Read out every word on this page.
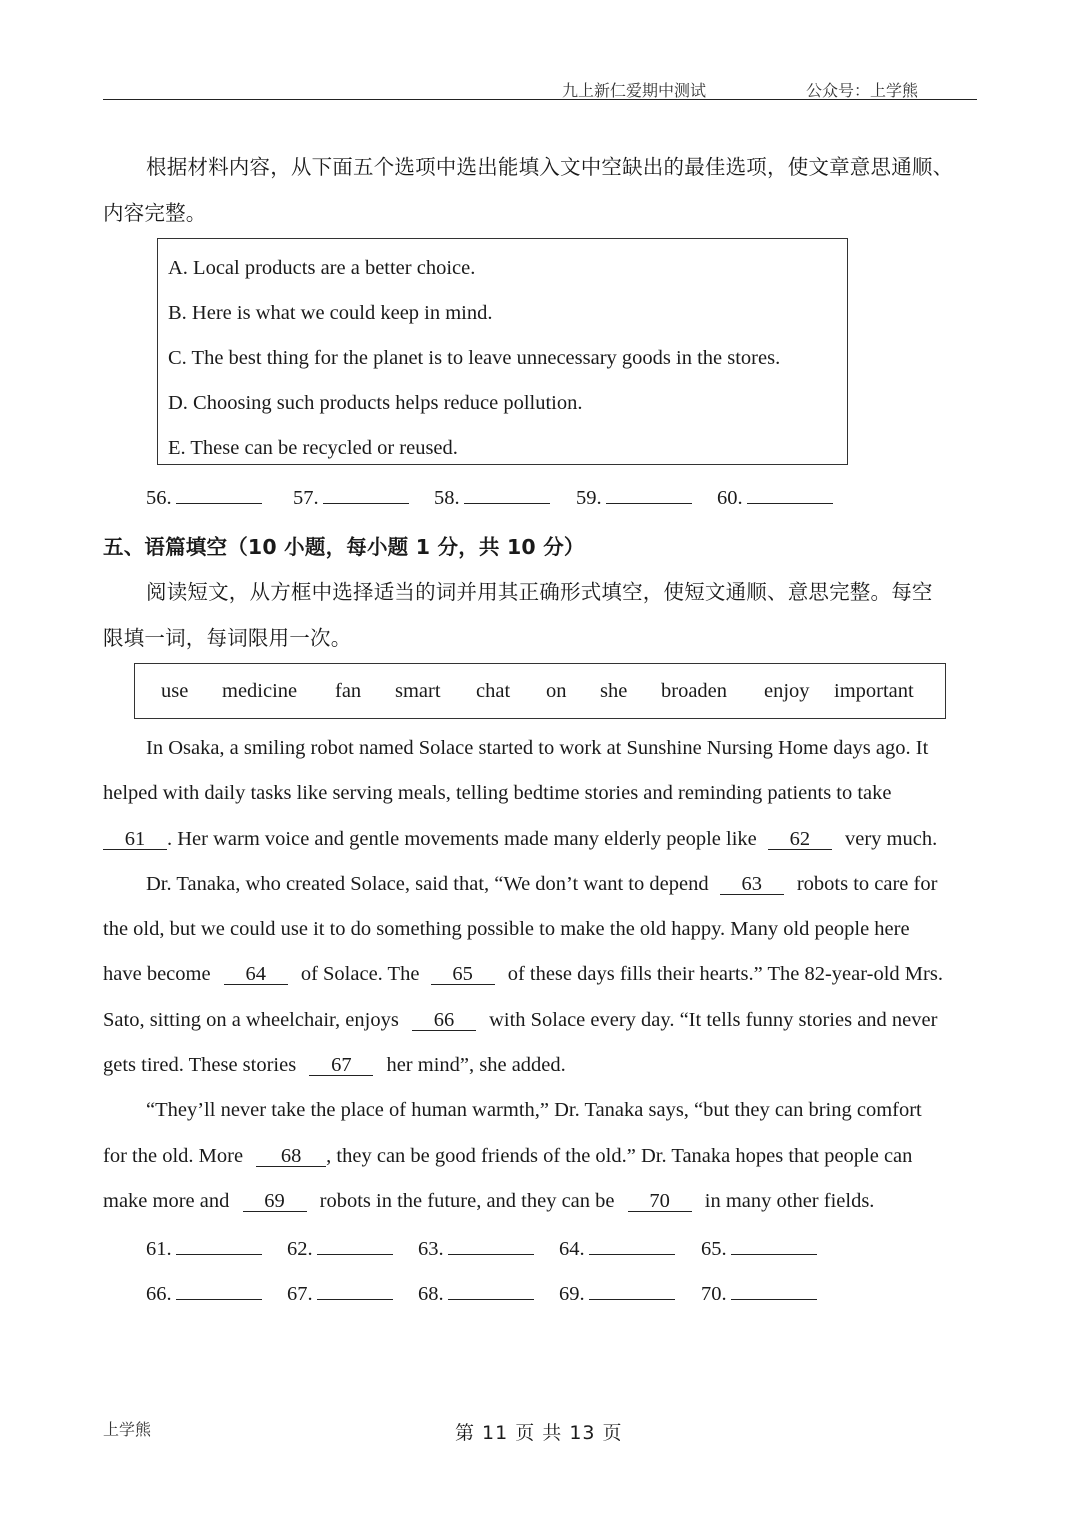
九上新仁爱期中测试	公众号：上学熊
根据材料内容，从下面五个选项中选出能填入文中空缺出的最佳选项，使文章意思通顺、
内容完整。
A. Local products are a better choice.
B. Here is what we could keep in mind.
C. The best thing for the planet is to leave unnecessary goods in the stores.
D. Choosing such products helps reduce pollution.
E. These can be recycled or reused.
56.	57.	58.	59.	60.
五、语篇填空（10 小题，每小题 1 分，共 10 分）
阅读短文，从方框中选择适当的词并用其正确形式填空，使短文通顺、意思完整。每空
限填一词，每词限用一次。
use medicine fan smart chat on she broaden enjoy important
In Osaka, a smiling robot named Solace started to work at Sunshine Nursing Home days ago. It
helped with daily tasks like serving meals, telling bedtime stories and reminding patients to take
61 . Her warm voice and gentle movements made many elderly people like 62 very much.
Dr. Tanaka, who created Solace, said that, “We don’t want to depend 63 robots to care for
the old, but we could use it to do something possible to make the old happy. Many old people here
have become 64 of Solace. The 65 of these days fills their hearts.” The 82-year-old Mrs.
Sato, sitting on a wheelchair, enjoys 66 with Solace every day. “It tells funny stories and never
gets tired. These stories 67 her mind”, she added.
“They’ll never take the place of human warmth,” Dr. Tanaka says, “but they can bring comfort
for the old. More 68 , they can be good friends of the old.” Dr. Tanaka hopes that people can
make more and 69 robots in the future, and they can be 70 in many other fields.
61.	62.	63.	64.	65.
66.	67.	68.	69.	70.
上学熊	第 11 页 共 13 页
